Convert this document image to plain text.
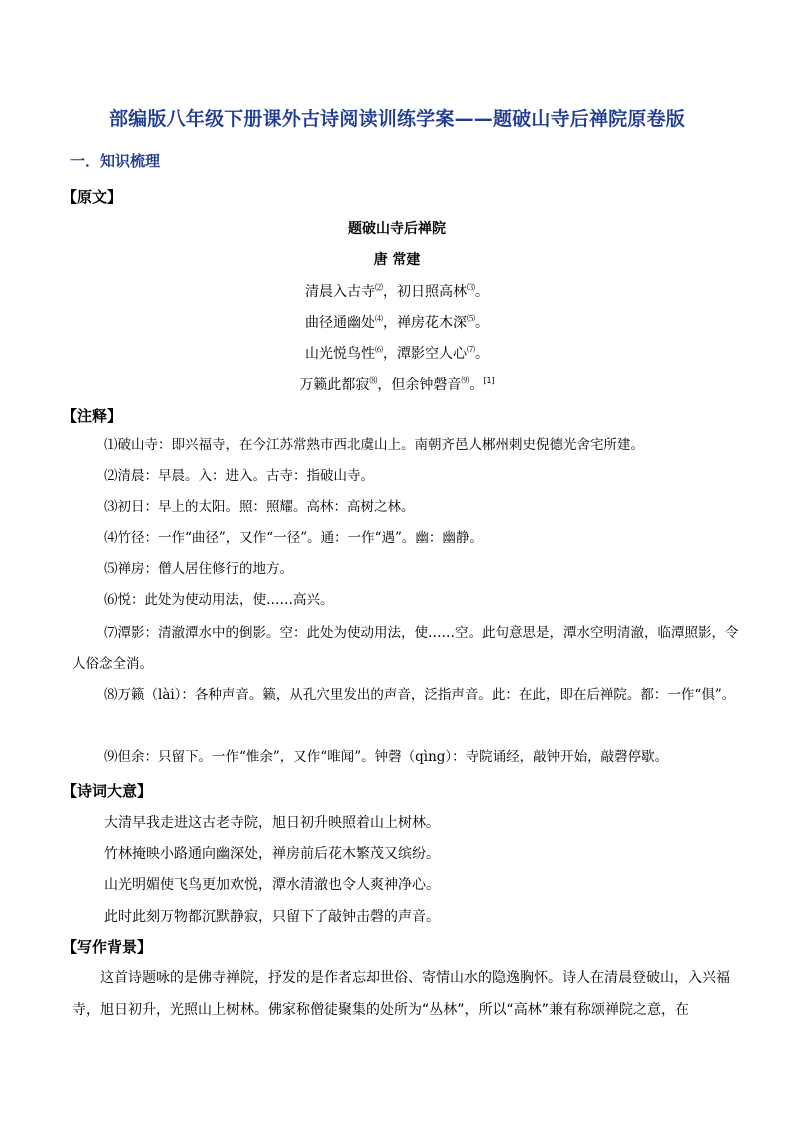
部编版八年级下册课外古诗阅读训练学案——题破山寺后禅院原卷版
一．知识梳理
【原文】
题破山寺后禅院
唐 常建
清晨入古寺⑵，初日照高林⑶。
曲径通幽处⑷，禅房花木深⑸。
山光悦鸟性⑹，潭影空人心⑺。
万籁此都寂⑻，但余钟磬音⑼。[1]
【注释】
⑴破山寺：即兴福寺，在今江苏常熟市西北虞山上。南朝齐邑人郴州刺史倪德光舍宅所建。
⑵清晨：早晨。入：进入。古寺：指破山寺。
⑶初日：早上的太阳。照：照耀。高林：高树之林。
⑷竹径：一作“曲径”，又作“一径”。通：一作“遇”。幽：幽静。
⑸禅房：僧人居住修行的地方。
⑹悦：此处为使动用法，使……高兴。
⑺潭影：清澈潭水中的倒影。空：此处为使动用法，使……空。此句意思是，潭水空明清澈，临潭照影，令人俗念全消。
⑻万籁（lài）：各种声音。籁，从孔穴里发出的声音，泛指声音。此：在此，即在后禅院。都：一作“俱”。
⑼但余：只留下。一作“惟余”，又作“唯闻”。钟磬（qìng）：寺院诵经，敲钟开始，敲磬停歇。
【诗词大意】
大清早我走进这古老寺院，旭日初升映照着山上树林。
竹林掩映小路通向幽深处，禅房前后花木繁茂又缤纷。
山光明媚使飞鸟更加欢悦，潭水清澈也令人爽神净心。
此时此刻万物都沉默静寂，只留下了敲钟击磬的声音。
【写作背景】
这首诗题咏的是佛寺禅院，抒发的是作者忘却世俗、寄情山水的隐逸胸怀。诗人在清晨登破山，入兴福寺，旭日初升，光照山上树林。佛家称僧徒聚集的处所为“丛林”，所以“高林”兼有称颂禅院之意，在
